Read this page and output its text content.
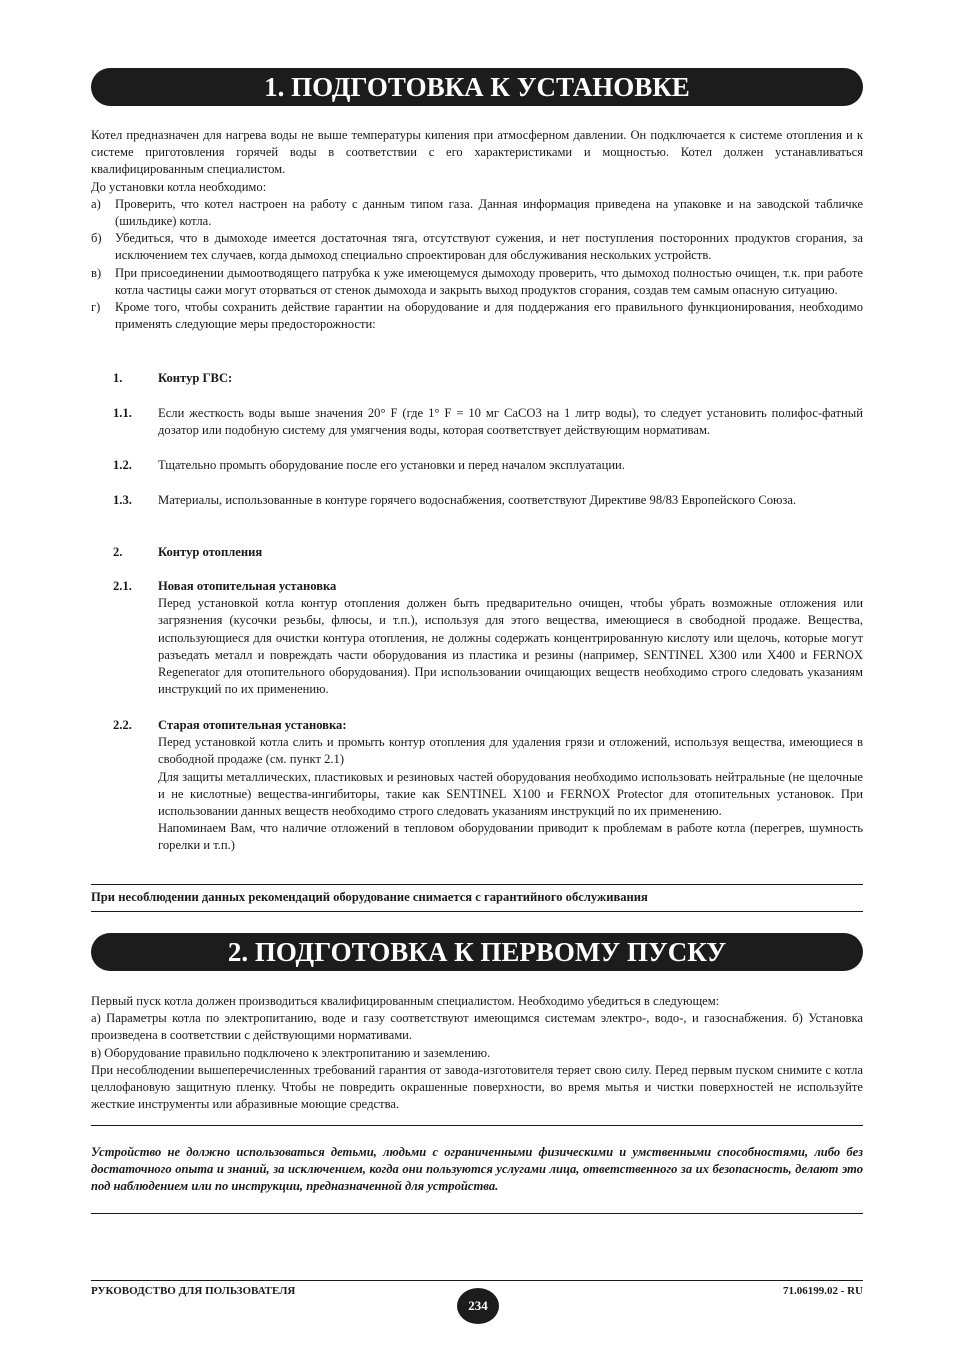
1. ПОДГОТОВКА К УСТАНОВКЕ

Котел предназначен для нагрева воды не выше температуры кипения при атмосферном давлении. Он подключается к системе отопления и к системе приготовления горячей воды в соответствии с его характеристиками и мощностью. Котел должен устанавливаться квалифицированным специалистом.

До установки котла необходимо:

а)	Проверить, что котел настроен на работу с данным типом газа. Данная информация приведена на упаковке и на заводской табличке (шильдике) котла.
б)	Убедиться, что в дымоходе имеется достаточная тяга, отсутствуют сужения, и нет поступления посторонних продуктов сгорания, за исключением тех случаев, когда дымоход специально спроектирован для обслуживания нескольких устройств.
в)	При присоединении дымоотводящего патрубка к уже имеющемуся дымоходу проверить, что дымоход полностью очищен, т.к. при работе котла частицы сажи могут оторваться от стенок дымохода и закрыть выход продуктов сгорания, создав тем самым опасную ситуацию.
г)	Кроме того, чтобы сохранить действие гарантии на оборудование и для поддержания его правильного функционирования, необходимо применять следующие меры предосторожности:
1.	Контур ГВС:
1.1.	Если жесткость воды выше значения 20° F (где 1° F = 10 мг CaCO3 на 1 литр воды), то следует установить полифос-фатный дозатор или подобную систему для умягчения воды, которая соответствует действующим нормативам.
1.2.	Тщательно промыть оборудование после его установки и перед началом эксплуатации.
1.3.	Материалы, использованные в контуре горячего водоснабжения, соответствуют Директиве 98/83 Европейского Союза.
2.	Контур отопления
2.1.	Новая отопительная установка
Перед установкой котла контур отопления должен быть предварительно очищен, чтобы убрать возможные отложения или загрязнения (кусочки резьбы, флюсы, и т.п.), используя для этого вещества, имеющиеся в свободной продаже. Вещества, использующиеся для очистки контура отопления, не должны содержать концентрированную кислоту или щелочь, которые могут разъедать металл и повреждать части оборудования из пластика и резины (например, SENTINEL X300 или X400 и FERNOX Regenerator для отопительного оборудования). При использовании очищающих веществ необходимо строго следовать указаниям инструкций по их применению.
2.2.	Старая отопительная установка:
Перед установкой котла слить и промыть контур отопления для удаления грязи и отложений, используя вещества, имеющиеся в свободной продаже (см. пункт 2.1)
Для защиты металлических, пластиковых и резиновых частей оборудования необходимо использовать нейтральные (не щелочные и не кислотные) вещества-ингибиторы, такие как SENTINEL X100 и FERNOX Protector для отопительных установок. При использовании данных веществ необходимо строго следовать указаниям инструкций по их применению.
Напоминаем Вам, что наличие отложений в тепловом оборудовании приводит к проблемам в работе котла (перегрев, шумность горелки и т.п.)
При несоблюдении данных рекомендаций оборудование снимается с гарантийного обслуживания
2. ПОДГОТОВКА К ПЕРВОМУ ПУСКУ

Первый пуск котла должен производиться квалифицированным специалистом. Необходимо убедиться в следующем:

а) Параметры котла по электропитанию, воде и газу соответствуют имеющимся системам электро-, водо-, и газоснабжения. б) Установка произведена в соответствии с действующими нормативами.

в) Оборудование правильно подключено к электропитанию и заземлению.

При несоблюдении вышеперечисленных требований гарантия от завода-изготовителя теряет свою силу. Перед первым пуском снимите с котла целлофановую защитную пленку. Чтобы не повредить окрашенные поверхности, во время мытья и чистки поверхностей не используйте жесткие инструменты или абразивные моющие средства.

Устройство не должно использоваться детьми, людьми с ограниченными физическими и умственными способностями, либо без достаточного опыта и знаний, за исключением, когда они пользуются услугами лица, ответственного за их безопасность, делают это под наблюдением или по инструкции, предназначенной для устройства.
РУКОВОДСТВО ДЛЯ ПОЛЬЗОВАТЕЛЯ
234
71.06199.02 - RU
